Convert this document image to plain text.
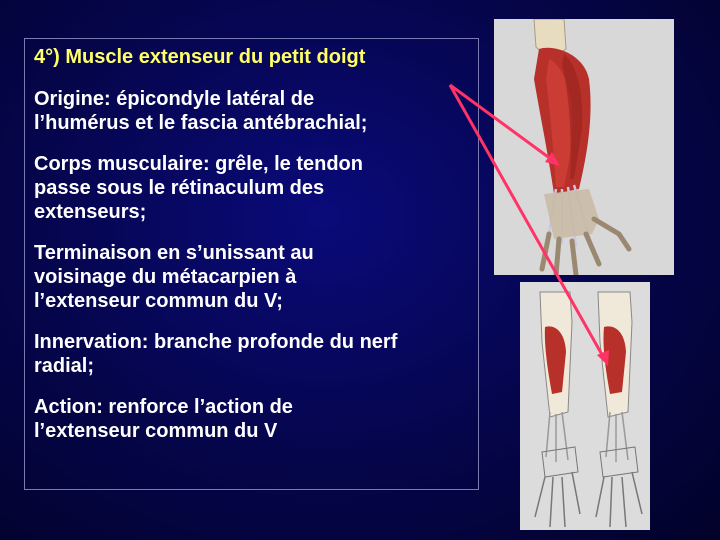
4°) Muscle extenseur du petit doigt
Origine: épicondyle latéral de
l’humérus et le fascia antébrachial;
Corps musculaire: grêle, le tendon
passe sous le rétinaculum des
extenseurs;
Terminaison en s’unissant au
voisinage du métacarpien à
l’extenseur commun du V;
Innervation: branche profonde du nerf
radial;
Action: renforce l’action de
l’extenseur commun du V
